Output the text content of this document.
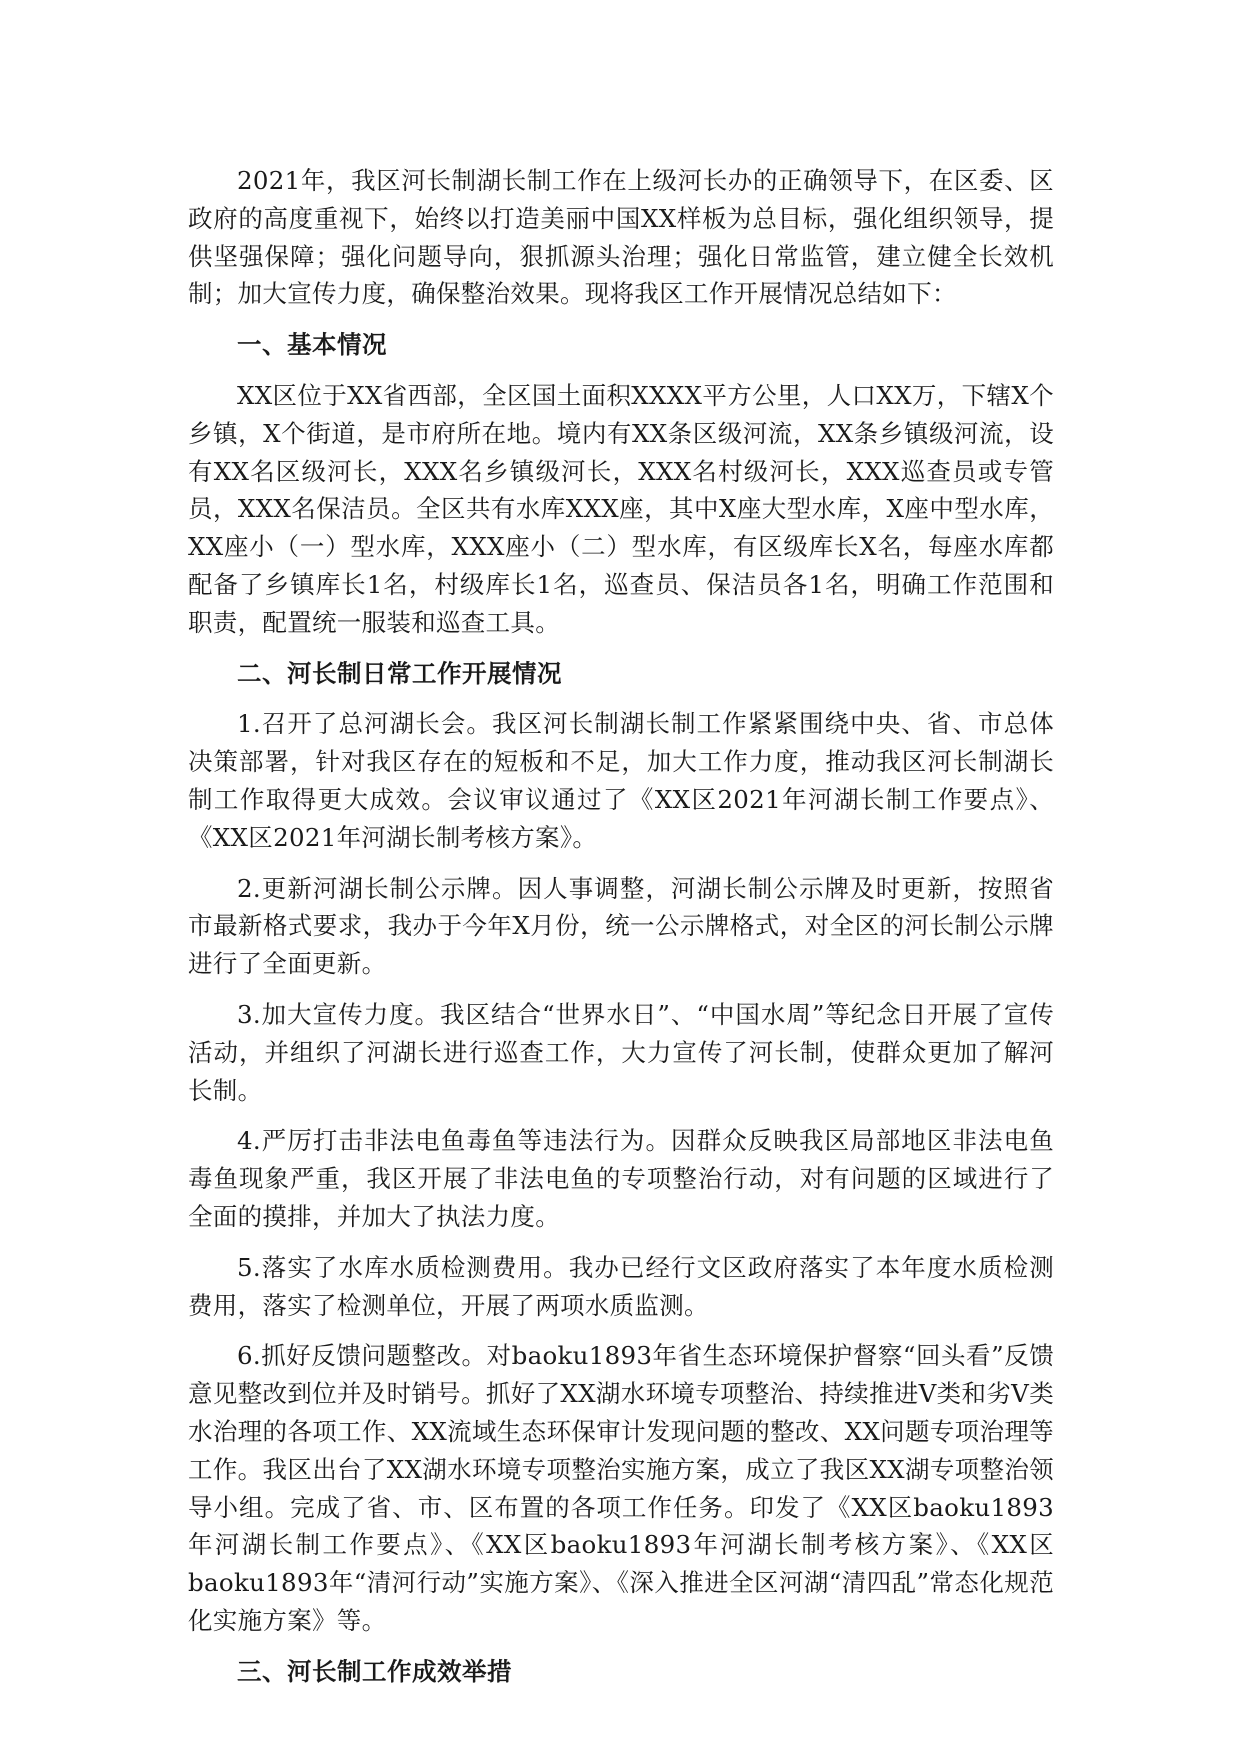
2021年，我区河长制湖长制工作在上级河长办的正确领导下，在区委、区政府的高度重视下，始终以打造美丽中国XX样板为总目标，强化组织领导，提供坚强保障；强化问题导向，狠抓源头治理；强化日常监管，建立健全长效机制；加大宣传力度，确保整治效果。现将我区工作开展情况总结如下：

一、基本情况

XX区位于XX省西部，全区国土面积XXXX平方公里，人口XX万，下辖X个乡镇，X个街道，是市府所在地。境内有XX条区级河流，XX条乡镇级河流，设有XX名区级河长，XXX名乡镇级河长，XXX名村级河长，XXX巡查员或专管员，XXX名保洁员。全区共有水库XXX座，其中X座大型水库，X座中型水库，XX座小（一）型水库，XXX座小（二）型水库，有区级库长X名，每座水库都配备了乡镇库长1名，村级库长1名，巡查员、保洁员各1名，明确工作范围和职责，配置统一服装和巡查工具。

二、河长制日常工作开展情况

1.召开了总河湖长会。我区河长制湖长制工作紧紧围绕中央、省、市总体决策部署，针对我区存在的短板和不足，加大工作力度，推动我区河长制湖长制工作取得更大成效。会议审议通过了《XX区2021年河湖长制工作要点》、《XX区2021年河湖长制考核方案》。

2.更新河湖长制公示牌。因人事调整，河湖长制公示牌及时更新，按照省市最新格式要求，我办于今年X月份，统一公示牌格式，对全区的河长制公示牌进行了全面更新。

3.加大宣传力度。我区结合“世界水日”、“中国水周”等纪念日开展了宣传活动，并组织了河湖长进行巡查工作，大力宣传了河长制，使群众更加了解河长制。

4.严厉打击非法电鱼毒鱼等违法行为。因群众反映我区局部地区非法电鱼毒鱼现象严重，我区开展了非法电鱼的专项整治行动，对有问题的区域进行了全面的摸排，并加大了执法力度。

5.落实了水库水质检测费用。我办已经行文区政府落实了本年度水质检测费用，落实了检测单位，开展了两项水质监测。

6.抓好反馈问题整改。对baoku1893年省生态环境保护督察“回头看”反馈意见整改到位并及时销号。抓好了XX湖水环境专项整治、持续推进V类和劣V类水治理的各项工作、XX流域生态环保审计发现问题的整改、XX问题专项治理等工作。我区出台了XX湖水环境专项整治实施方案，成立了我区XX湖专项整治领导小组。完成了省、市、区布置的各项工作任务。印发了《XX区baoku1893年河湖长制工作要点》、《XX区baoku1893年河湖长制考核方案》、《XX区baoku1893年“清河行动”实施方案》、《深入推进全区河湖“清四乱”常态化规范化实施方案》等。

三、河长制工作成效举措
